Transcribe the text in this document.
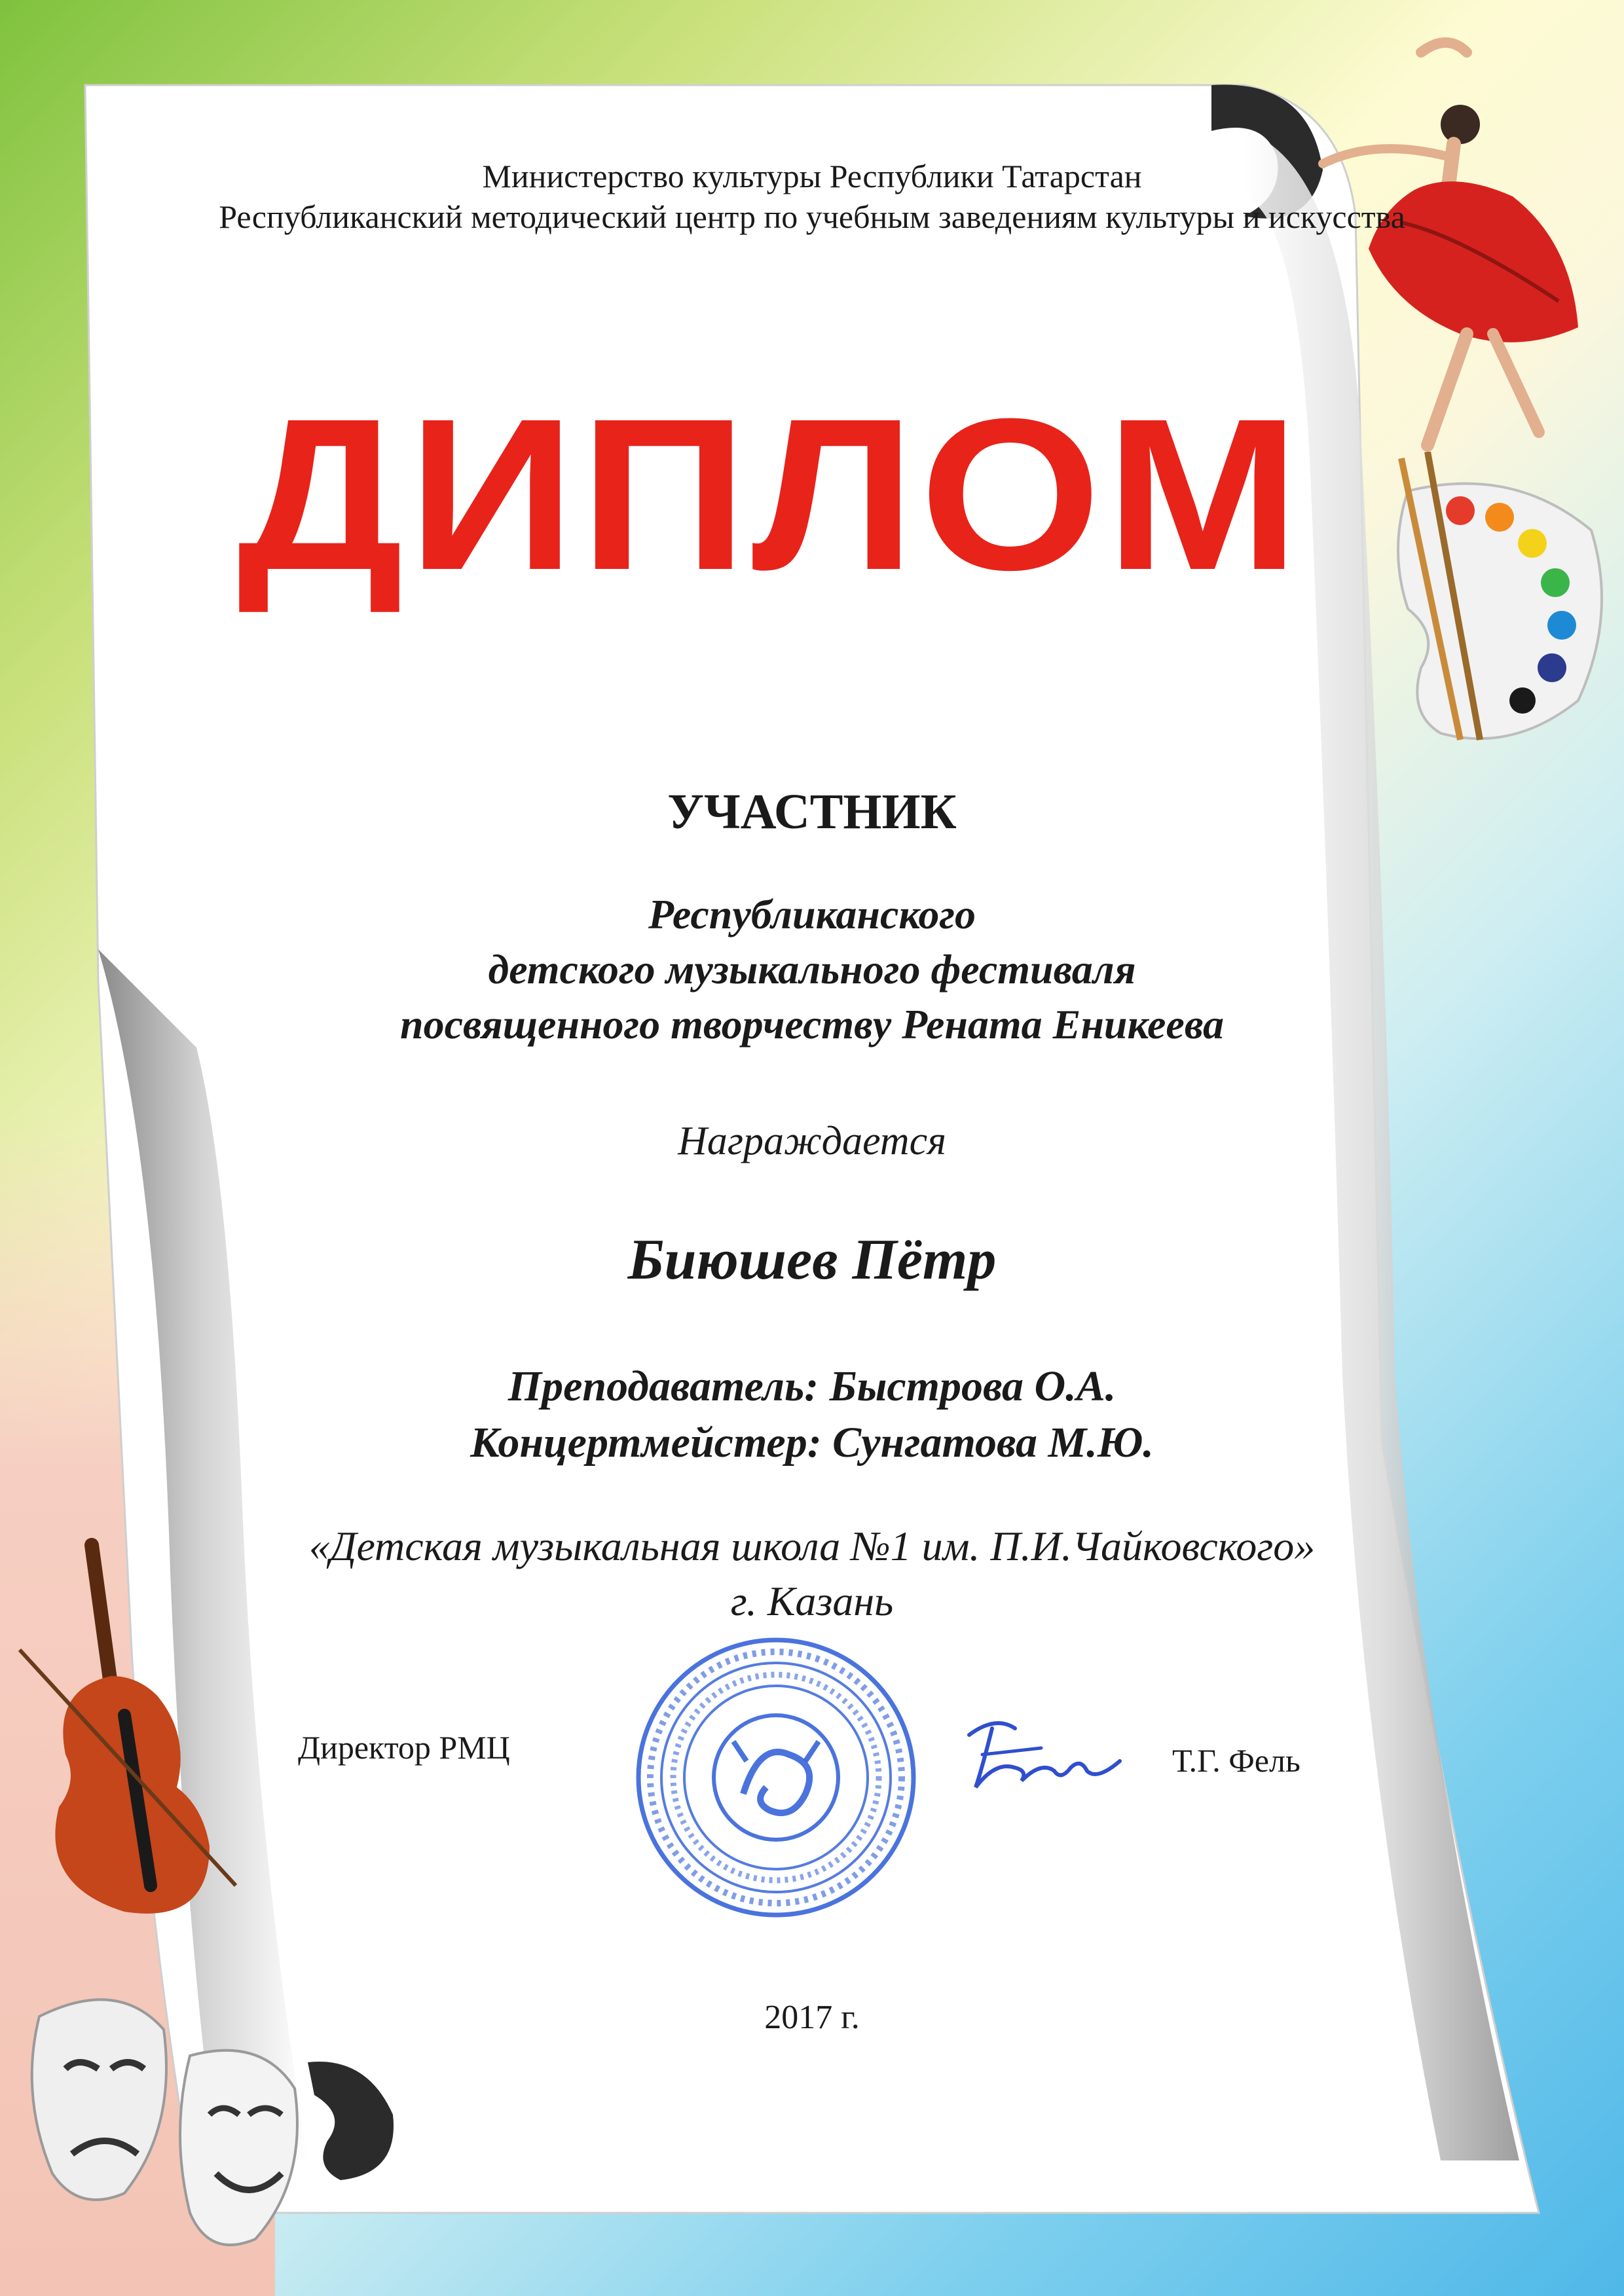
Министерство культуры Республики Татарстан
Республиканский методический центр по учебным заведениям культуры и искусства
ДИПЛОМ
УЧАСТНИК
Республиканского
детского музыкального фестиваля
посвященного творчеству Рената Еникеева
Награждается
Биюшев Пётр
Преподаватель: Быстрова О.А.
Концертмейстер: Сунгатова М.Ю.
«Детская музыкальная школа №1 им. П.И.Чайковского»
г. Казань
Директор РМЦ	Т.Г. Фель
2017 г.
